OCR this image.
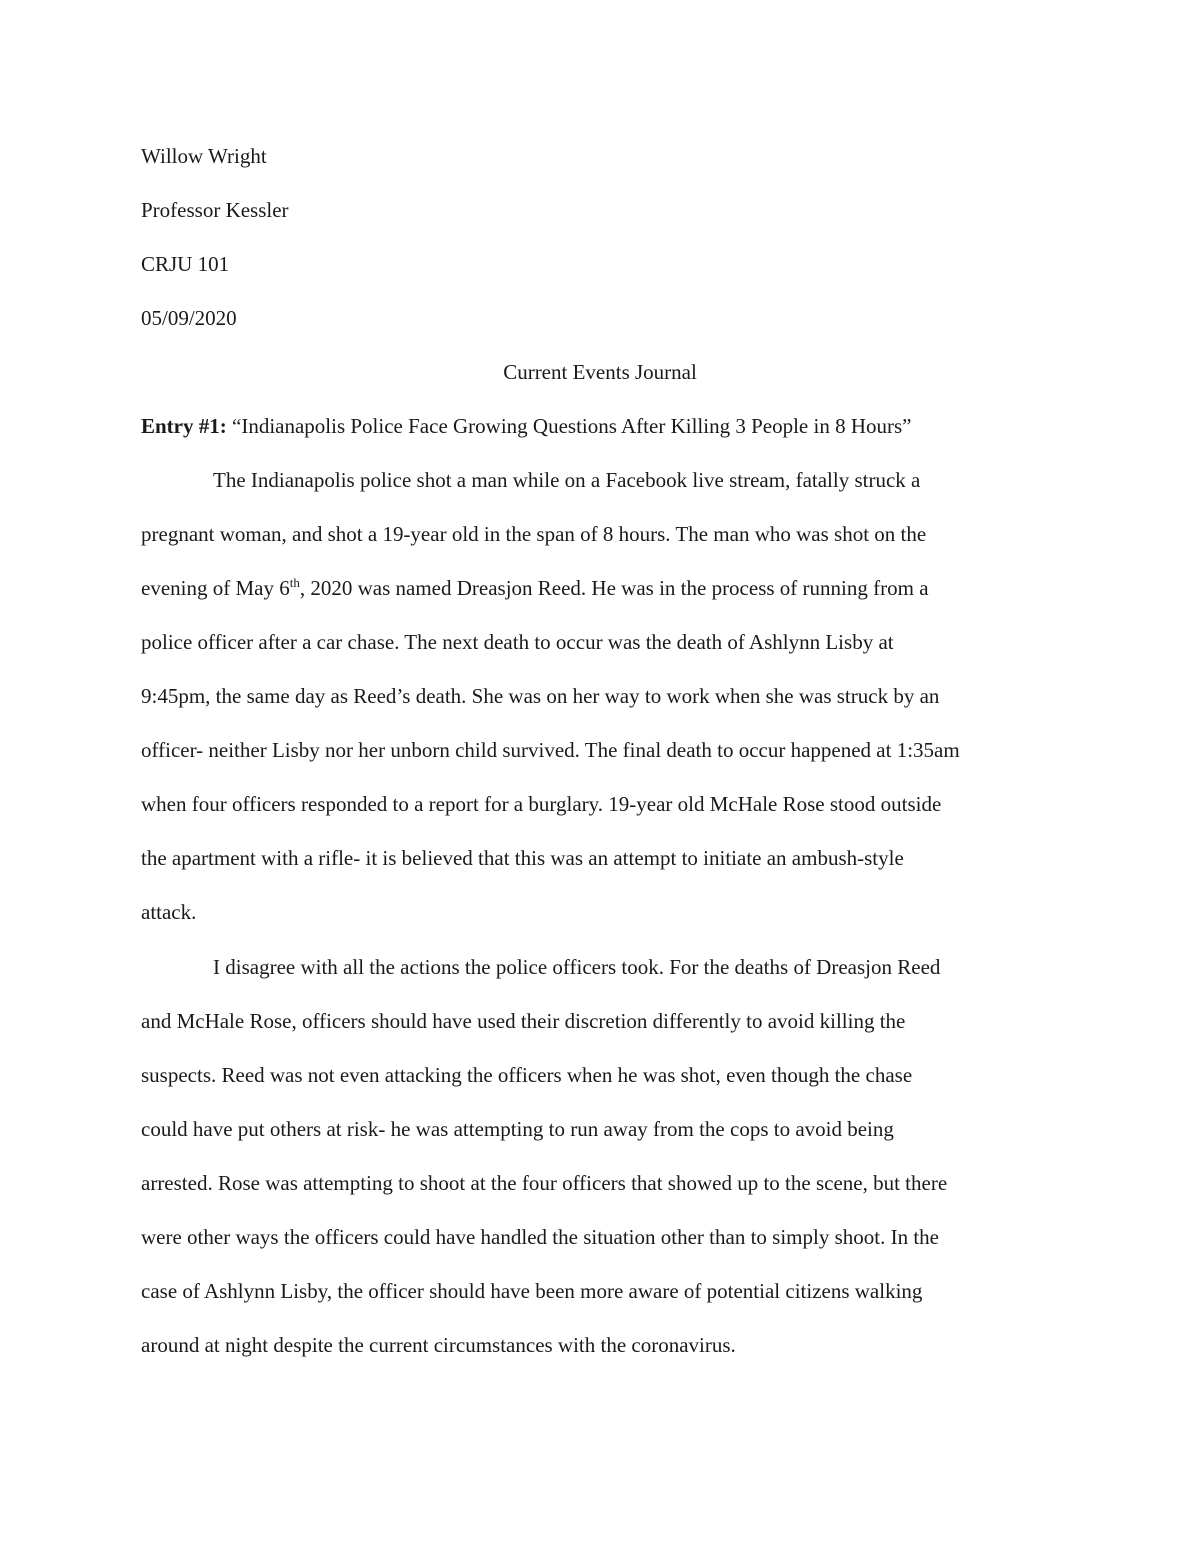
Willow Wright
Professor Kessler
CRJU 101
05/09/2020
Current Events Journal
Entry #1: “Indianapolis Police Face Growing Questions After Killing 3 People in 8 Hours”
The Indianapolis police shot a man while on a Facebook live stream, fatally struck a
pregnant woman, and shot a 19-year old in the span of 8 hours. The man who was shot on the
evening of May 6th, 2020 was named Dreasjon Reed. He was in the process of running from a
police officer after a car chase. The next death to occur was the death of Ashlynn Lisby at
9:45pm, the same day as Reed’s death. She was on her way to work when she was struck by an
officer- neither Lisby nor her unborn child survived. The final death to occur happened at 1:35am
when four officers responded to a report for a burglary. 19-year old McHale Rose stood outside
the apartment with a rifle- it is believed that this was an attempt to initiate an ambush-style
attack.
I disagree with all the actions the police officers took. For the deaths of Dreasjon Reed
and McHale Rose, officers should have used their discretion differently to avoid killing the
suspects. Reed was not even attacking the officers when he was shot, even though the chase
could have put others at risk- he was attempting to run away from the cops to avoid being
arrested. Rose was attempting to shoot at the four officers that showed up to the scene, but there
were other ways the officers could have handled the situation other than to simply shoot. In the
case of Ashlynn Lisby, the officer should have been more aware of potential citizens walking
around at night despite the current circumstances with the coronavirus.
